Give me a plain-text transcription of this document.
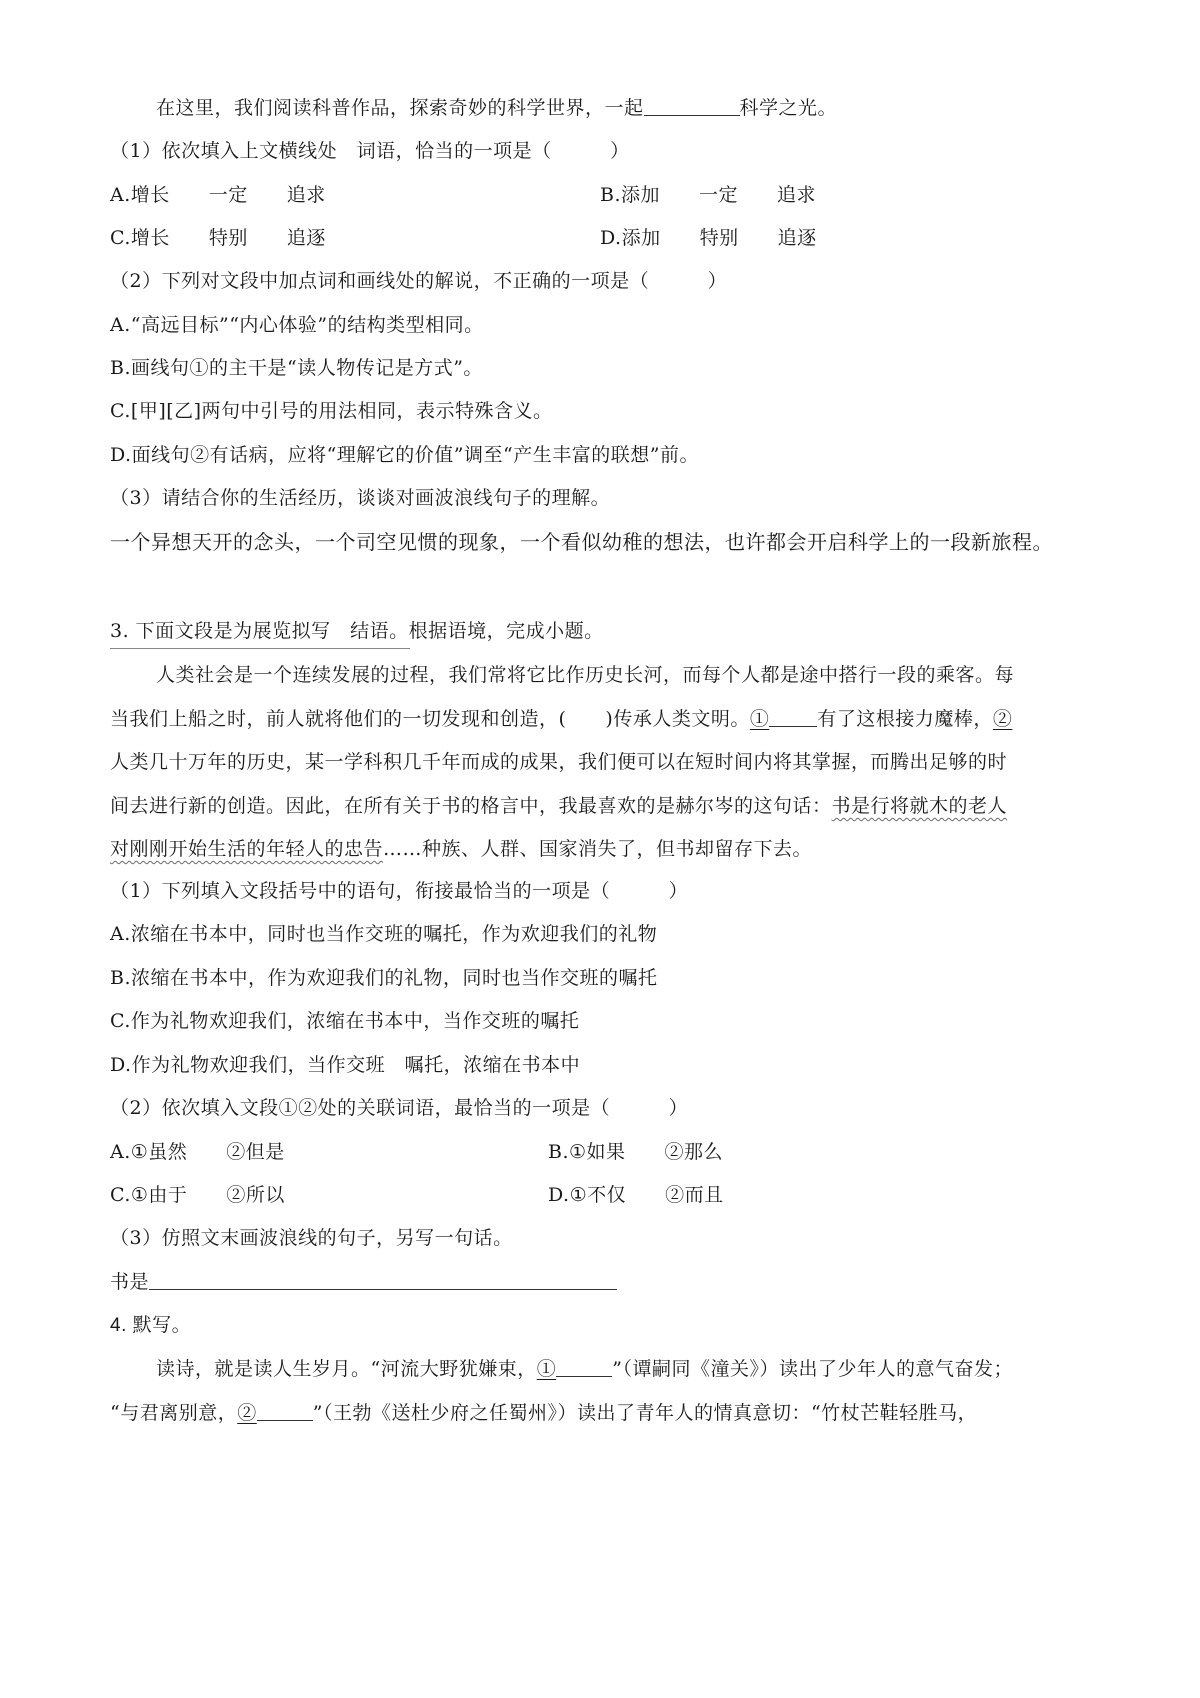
在这里，我们阅读科普作品，探索奇妙的科学世界，一起	科学之光。

（1）依次填入上文横线处　词语，恰当的一项是（　　　）

A.增长　　一定　　追求	B.添加　　一定　　追求

C.增长　　特别　　追逐	D.添加　　特别　　追逐

（2）下列对文段中加点词和画线处的解说，不正确的一项是（　　　）

A.“高远目标”“内心体验”的结构类型相同。

B.画线句①的主干是“读人物传记是方式”。

C.[甲][乙]两句中引号的用法相同，表示特殊含义。

D.面线句②有话病，应将“理解它的价值”调至“产生丰富的联想”前。

（3）请结合你的生活经历，谈谈对画波浪线句子的理解。

一个异想天开的念头，一个司空见惯的现象，一个看似幼稚的想法，也许都会开启科学上的一段新旅程。

3. 下面文段是为展览拟写　结语。根据语境，完成小题。

人类社会是一个连续发展的过程，我们常将它比作历史长河，而每个人都是途中搭行一段的乘客。每

当我们上船之时，前人就将他们的一切发现和创造，(　　)传承人类文明。①	有了这根接力魔棒，②

人类几十万年的历史，某一学科积几千年而成的成果，我们便可以在短时间内将其掌握，而腾出足够的时

间去进行新的创造。因此，在所有关于书的格言中，我最喜欢的是赫尔岑的这句话：书是行将就木的老人

对刚刚开始生活的年轻人的忠告……种族、人群、国家消失了，但书却留存下去。

（1）下列填入文段括号中的语句，衔接最恰当的一项是（　　　）

A.浓缩在书本中，同时也当作交班的嘱托，作为欢迎我们的礼物

B.浓缩在书本中，作为欢迎我们的礼物，同时也当作交班的嘱托

C.作为礼物欢迎我们，浓缩在书本中，当作交班的嘱托

D.作为礼物欢迎我们，当作交班　嘱托，浓缩在书本中

（2）依次填入文段①②处的关联词语，最恰当的一项是（　　　）

A.①虽然　　②但是	B.①如果　　②那么

C.①由于　　②所以	D.①不仅　　②而且

（3）仿照文末画波浪线的句子，另写一句话。

书是

4. 默写。

读诗，就是读人生岁月。“河流大野犹嫌束，①	”（谭嗣同《潼关》）读出了少年人的意气奋发；

“与君离别意，②	”（王勃《送杜少府之任蜀州》）读出了青年人的情真意切：“竹杖芒鞋轻胜马，
